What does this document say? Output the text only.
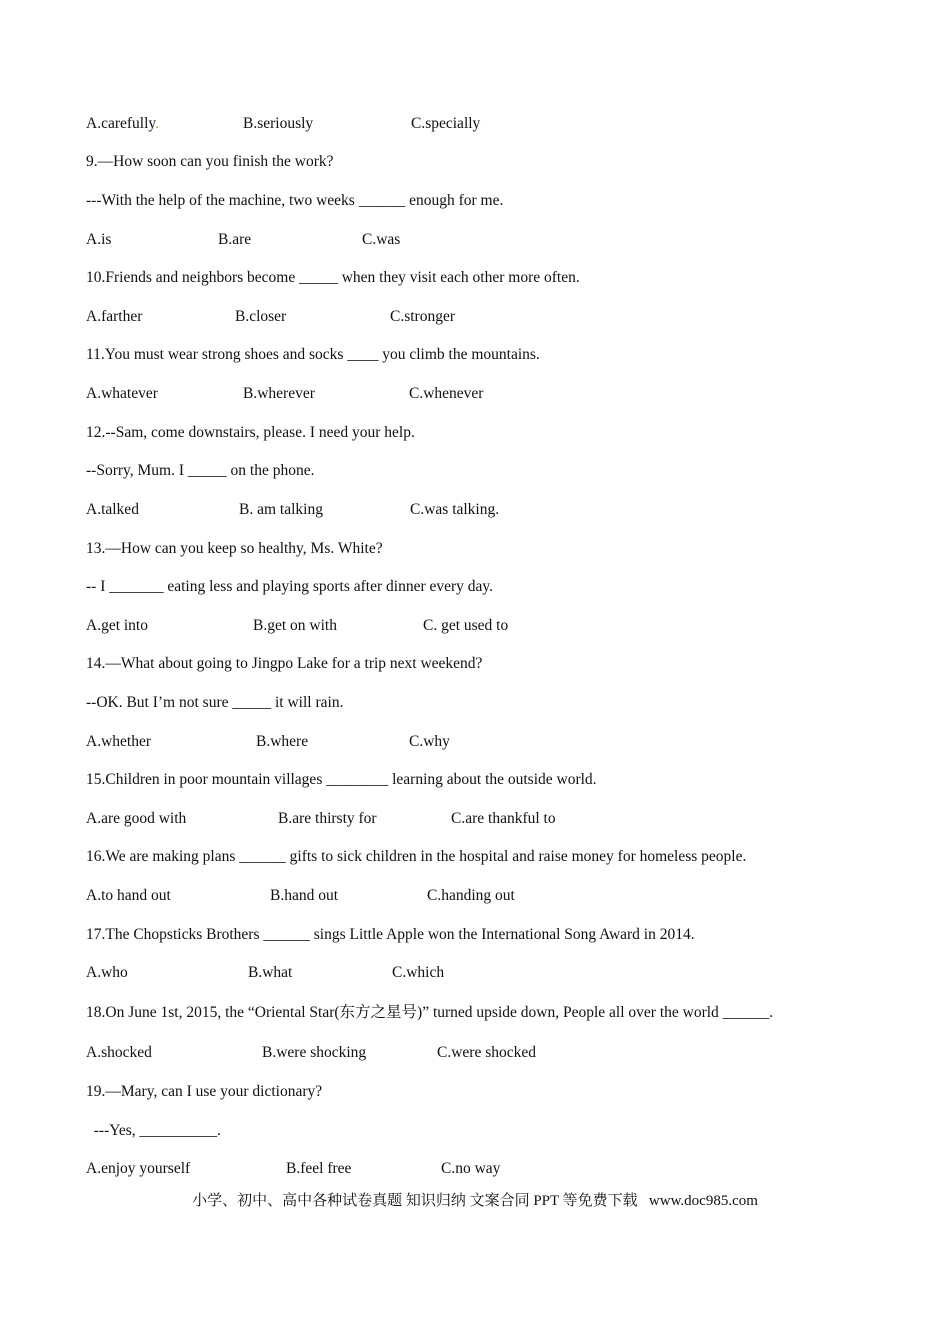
A.carefully.	B.seriously	C.specially
9.—How soon can you finish the work?
---With the help of the machine, two weeks ______ enough for me.
A.is	B.are	C.was
10.Friends and neighbors become _____ when they visit each other more often.
A.farther	B.closer	C.stronger
11.You must wear strong shoes and socks ____ you climb the mountains.
A.whatever	B.wherever	C.whenever
12.--Sam, come downstairs, please. I need your help.
--Sorry, Mum. I _____ on the phone.
A.talked	B. am talking	C.was talking.
13.—How can you keep so healthy, Ms. White?
-- I _______ eating less and playing sports after dinner every day.
A.get into	B.get on with	C. get used to
14.—What about going to Jingpo Lake for a trip next weekend?
--OK. But I’m not sure _____ it will rain.
A.whether	B.where	C.why
15.Children in poor mountain villages ________ learning about the outside world.
A.are good with	B.are thirsty for	C.are thankful to
16.We are making plans ______ gifts to sick children in the hospital and raise money for homeless people.
A.to hand out	B.hand out	C.handing out
17.The Chopsticks Brothers ______ sings Little Apple won the International Song Award in 2014.
A.who	B.what	C.which
18.On June 1st, 2015, the “Oriental Star(东方之星号)” turned upside down, People all over the world ______.
A.shocked	B.were shocking	C.were shocked
19.—Mary, can I use your dictionary?
---Yes, __________.
A.enjoy yourself	B.feel free	C.no way
小学、初中、高中各种试卷真题 知识归纳 文案合同 PPT 等免费下载   www.doc985.com
